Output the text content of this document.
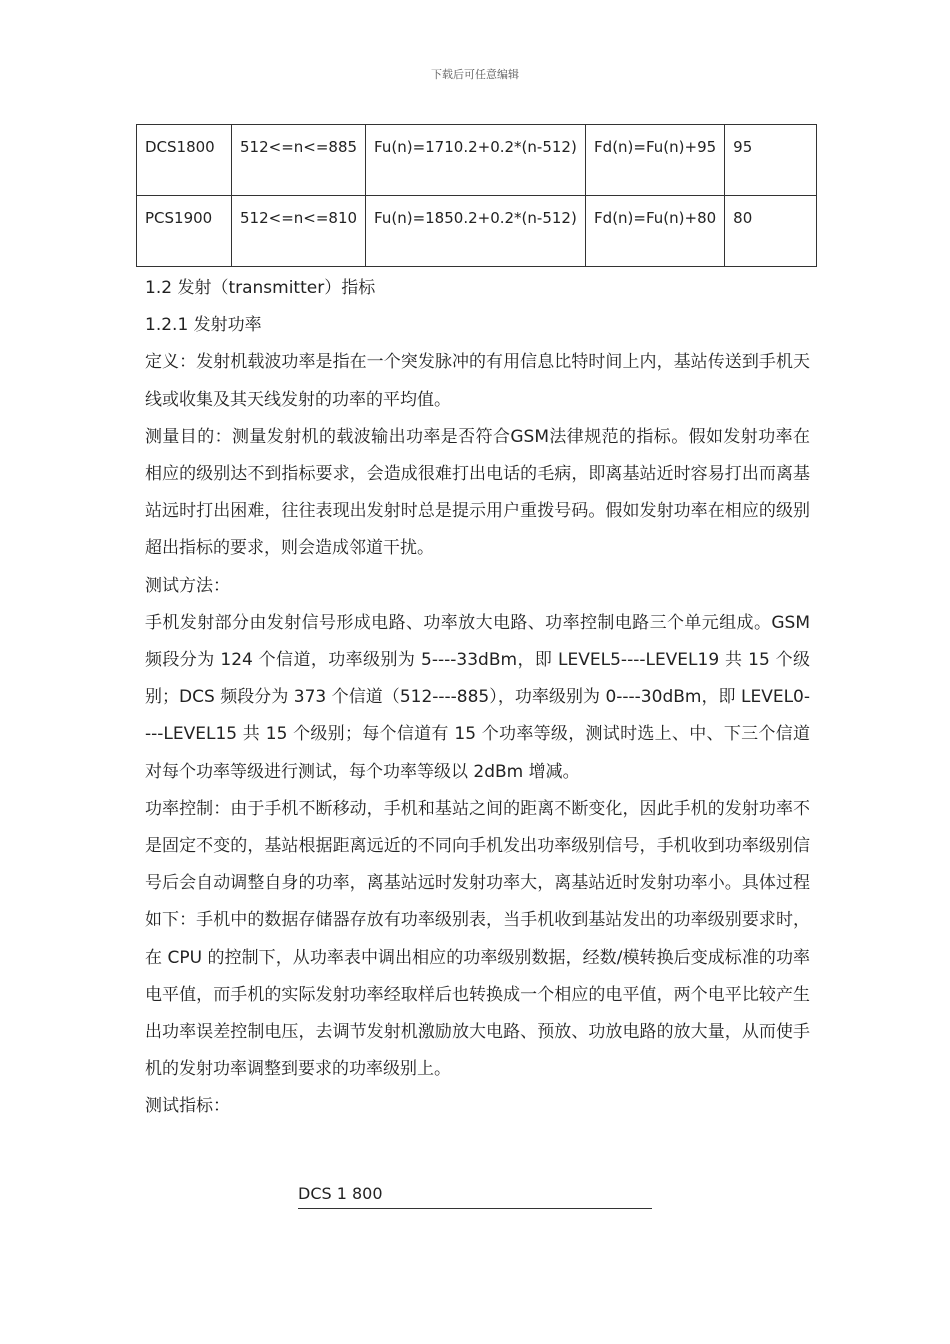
下载后可任意编辑
DCS1800	512<=n<=885	Fu(n)=1710.2+0.2*(n-512)	Fd(n)=Fu(n)+95	95
PCS1900	512<=n<=810	Fu(n)=1850.2+0.2*(n-512)	Fd(n)=Fu(n)+80	80

1.2 发射（transmitter）指标

1.2.1 发射功率

定义：发射机载波功率是指在一个突发脉冲的有用信息比特时间上内，基站传送到手机天线或收集及其天线发射的功率的平均值。

测量目的：测量发射机的载波输出功率是否符合GSM法律规范的指标。假如发射功率在相应的级别达不到指标要求，会造成很难打出电话的毛病，即离基站近时容易打出而离基站远时打出困难，往往表现出发射时总是提示用户重拨号码。假如发射功率在相应的级别超出指标的要求，则会造成邻道干扰。

测试方法：

手机发射部分由发射信号形成电路、功率放大电路、功率控制电路三个单元组成。GSM 频段分为 124 个信道，功率级别为 5----33dBm，即 LEVEL5----LEVEL19 共 15 个级别；DCS 频段分为 373 个信道（512----885），功率级别为 0----30dBm，即 LEVEL0----LEVEL15 共 15 个级别；每个信道有 15 个功率等级，测试时选上、中、下三个信道对每个功率等级进行测试，每个功率等级以 2dBm 增减。

功率控制：由于手机不断移动，手机和基站之间的距离不断变化，因此手机的发射功率不是固定不变的，基站根据距离远近的不同向手机发出功率级别信号，手机收到功率级别信号后会自动调整自身的功率，离基站远时发射功率大，离基站近时发射功率小。具体过程如下：手机中的数据存储器存放有功率级别表，当手机收到基站发出的功率级别要求时，在 CPU 的控制下，从功率表中调出相应的功率级别数据，经数/模转换后变成标准的功率电平值，而手机的实际发射功率经取样后也转换成一个相应的电平值，两个电平比较产生出功率误差控制电压，去调节发射机激励放大电路、预放、功放电路的放大量，从而使手机的发射功率调整到要求的功率级别上。

测试指标：

DCS 1 800
